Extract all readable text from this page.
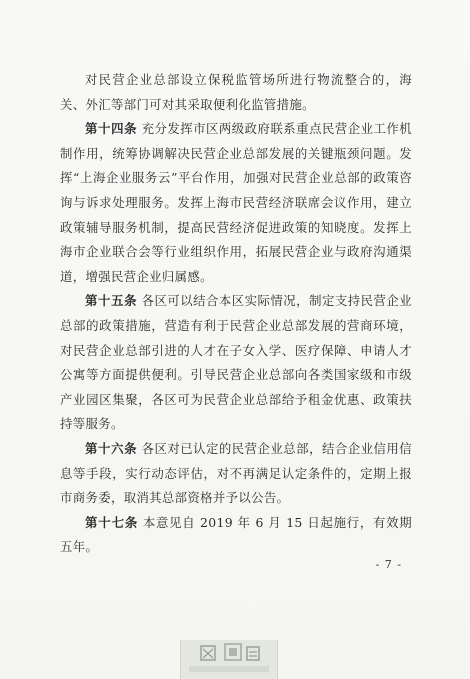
对民营企业总部设立保税监管场所进行物流整合的，海关、外汇等部门可对其采取便利化监管措施。

第十四条 充分发挥市区两级政府联系重点民营企业工作机制作用，统筹协调解决民营企业总部发展的关键瓶颈问题。发挥“上海企业服务云”平台作用，加强对民营企业总部的政策咨询与诉求处理服务。发挥上海市民营经济联席会议作用，建立政策辅导服务机制，提高民营经济促进政策的知晓度。发挥上海市企业联合会等行业组织作用，拓展民营企业与政府沟通渠道，增强民营企业归属感。

第十五条 各区可以结合本区实际情况，制定支持民营企业总部的政策措施，营造有利于民营企业总部发展的营商环境，对民营企业总部引进的人才在子女入学、医疗保障、申请人才公寓等方面提供便利。引导民营企业总部向各类国家级和市级产业园区集聚，各区可为民营企业总部给予租金优惠、政策扶持等服务。

第十六条 各区对已认定的民营企业总部，结合企业信用信息等手段，实行动态评估，对不再满足认定条件的，定期上报市商务委，取消其总部资格并予以公告。

第十七条 本意见自 2019 年 6 月 15 日起施行，有效期五年。

- 7 -
